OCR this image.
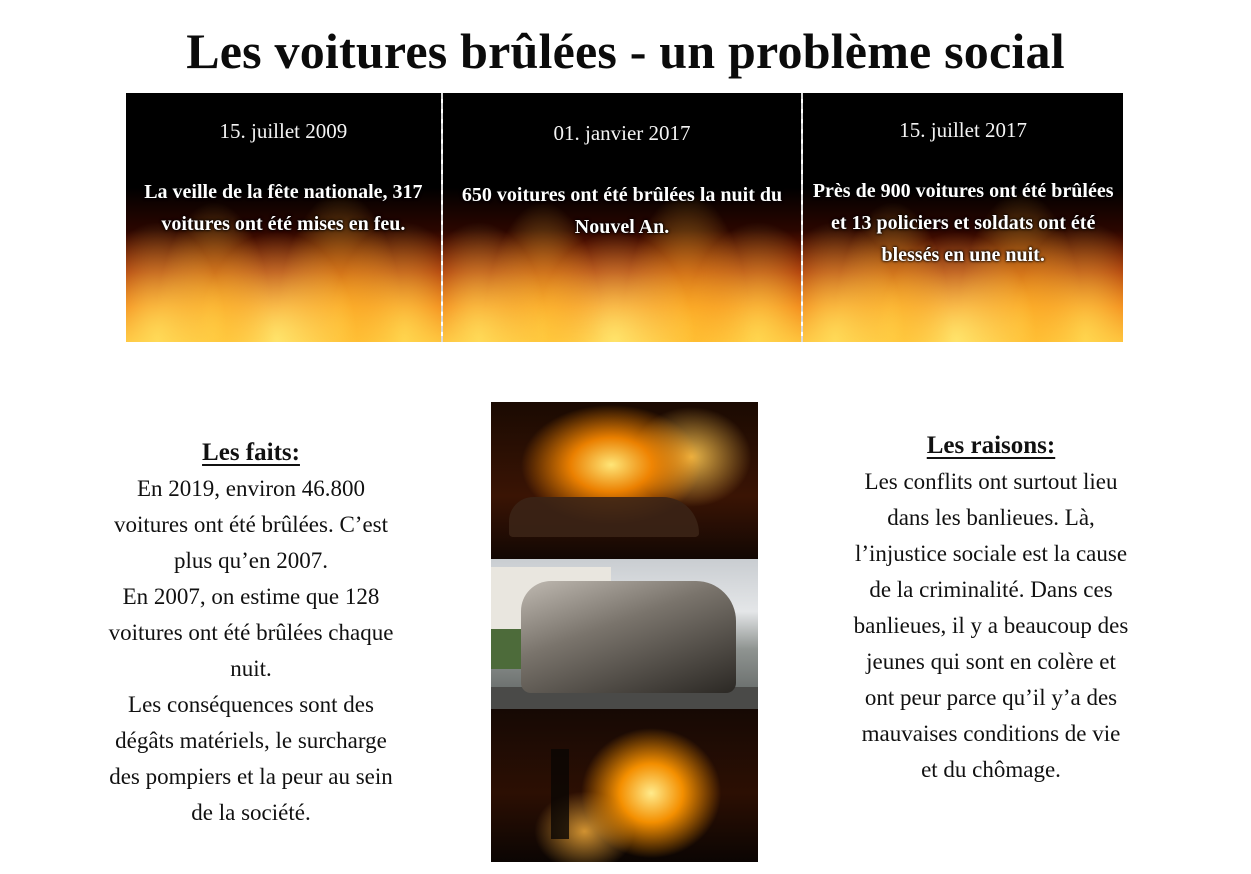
Les voitures brûlées - un problème social
15. juillet 2009
La veille de la fête nationale, 317 voitures ont été mises en feu.
01. janvier 2017
650 voitures ont été brûlées la nuit du Nouvel An.
15. juillet 2017
Près de 900 voitures ont été brûlées et 13 policiers et soldats ont été blessés en une nuit.
Les faits:
En 2019, environ 46.800
voitures ont été brûlées. C’est
plus qu’en 2007.
En 2007, on estime que 128
voitures ont été brûlées chaque
nuit.
Les conséquences sont des
dégâts matériels, le surcharge
des pompiers et la peur au sein
de la société.
Les raisons:
Les conflits ont surtout lieu
dans les banlieues. Là,
l’injustice sociale est la cause
de la criminalité. Dans ces
banlieues, il y a beaucoup des
jeunes qui sont en colère et
ont peur parce qu’il y’a des
mauvaises conditions de vie
et du chômage.
